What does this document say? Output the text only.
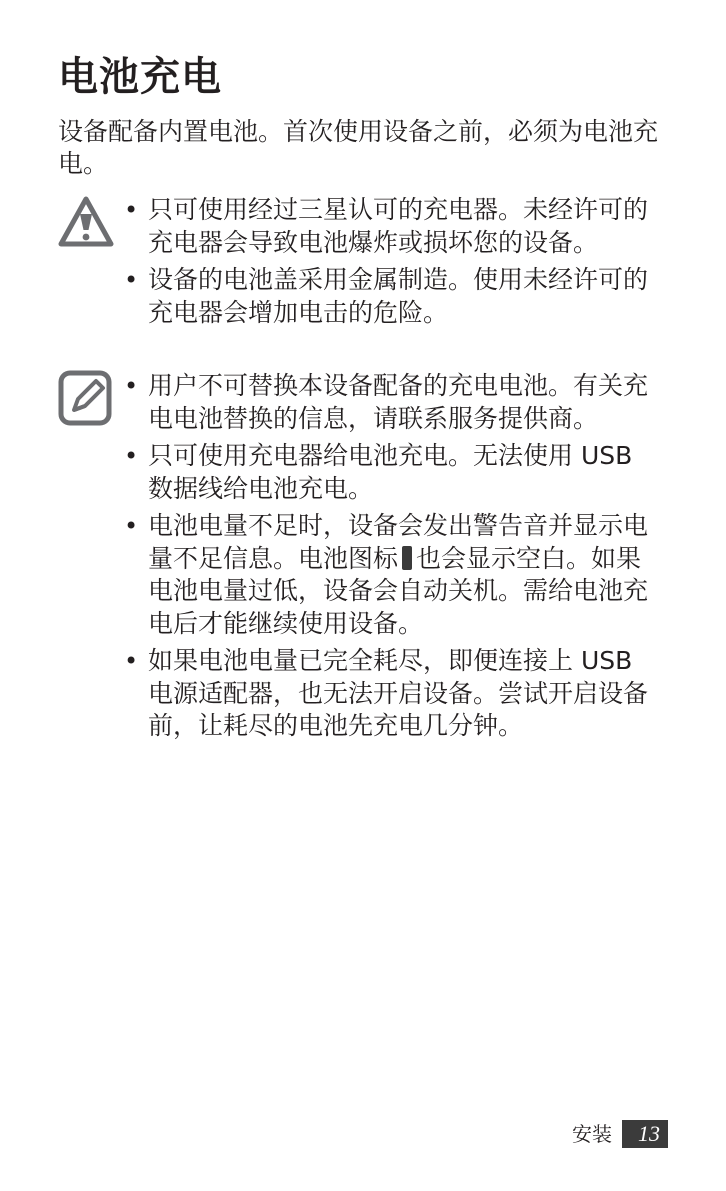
电池充电
设备配备内置电池。首次使用设备之前，必须为电池充电。
• 只可使用经过三星认可的充电器。未经许可的充电器会导致电池爆炸或损坏您的设备。
• 设备的电池盖采用金属制造。使用未经许可的充电器会增加电击的危险。
• 用户不可替换本设备配备的充电电池。有关充电电池替换的信息，请联系服务提供商。
• 只可使用充电器给电池充电。无法使用 USB 数据线给电池充电。
• 电池电量不足时，设备会发出警告音并显示电量不足信息。电池图标 也会显示空白。如果电池电量过低，设备会自动关机。需给电池充电后才能继续使用设备。
• 如果电池电量已完全耗尽，即便连接上 USB 电源适配器，也无法开启设备。尝试开启设备前，让耗尽的电池先充电几分钟。
安装	13
